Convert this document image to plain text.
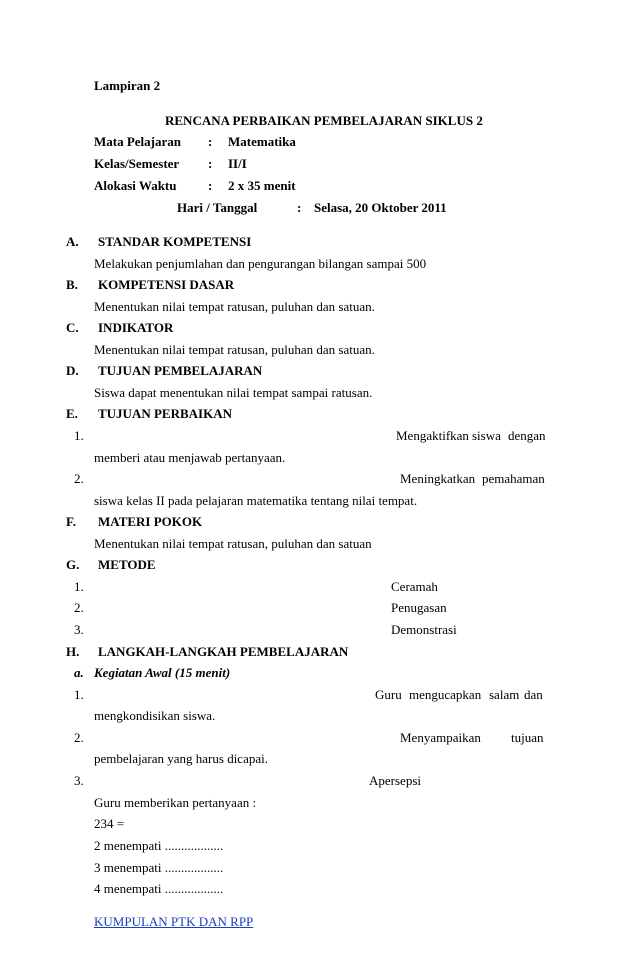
Lampiran 2
RENCANA PERBAIKAN PEMBELAJARAN SIKLUS 2
Mata Pelajaran : Matematika
Kelas/Semester : II/I
Alokasi Waktu : 2 x 35 menit
Hari / Tanggal	: Selasa, 20 Oktober 2011
A. STANDAR KOMPETENSI
Melakukan penjumlahan dan pengurangan bilangan sampai 500
B. KOMPETENSI DASAR
Menentukan nilai tempat ratusan, puluhan dan satuan.
C. INDIKATOR
Menentukan nilai tempat ratusan, puluhan dan satuan.
D. TUJUAN PEMBELAJARAN
Siswa dapat menentukan nilai tempat sampai ratusan.
E. TUJUAN PERBAIKAN
1.	Mengaktifkan siswa dengan
memberi atau menjawab pertanyaan.
2.	Meningkatkan pemahaman
siswa kelas II pada pelajaran matematika tentang nilai tempat.
F. MATERI POKOK
Menentukan nilai tempat ratusan, puluhan dan satuan
G. METODE
1.	Ceramah
2.	Penugasan
3.	Demonstrasi
H. LANGKAH-LANGKAH PEMBELAJARAN
a. Kegiatan Awal (15 menit)
1.	Guru mengucapkan salam dan
mengkondisikan siswa.
2.	Menyampaikan tujuan
pembelajaran yang harus dicapai.
3.	Apersepsi
Guru memberikan pertanyaan :
234 =
2 menempati ..................
3 menempati ..................
4 menempati ..................
KUMPULAN PTK DAN RPP
